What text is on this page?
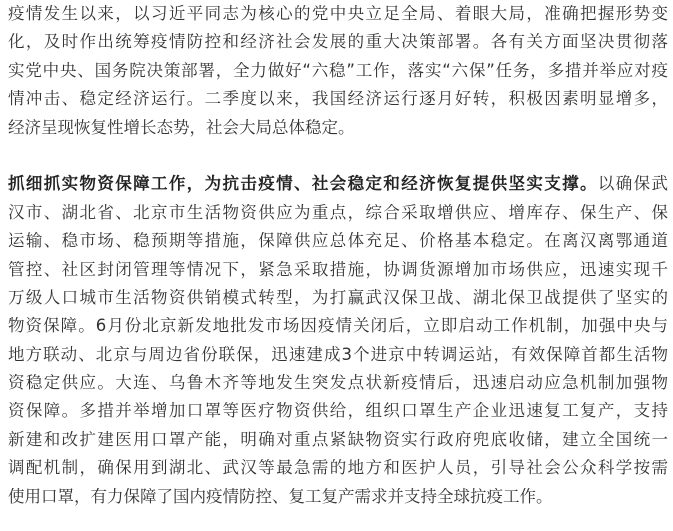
疫情发生以来，以习近平同志为核心的党中央立足全局、着眼大局，准确把握形势变
化，及时作出统筹疫情防控和经济社会发展的重大决策部署。各有关方面坚决贯彻落
实党中央、国务院决策部署，全力做好“六稳”工作，落实“六保”任务，多措并举应对疫
情冲击、稳定经济运行。二季度以来，我国经济运行逐月好转，积极因素明显增多，
经济呈现恢复性增长态势，社会大局总体稳定。
抓细抓实物资保障工作，为抗击疫情、社会稳定和经济恢复提供坚实支撑。以确保武
汉市、湖北省、北京市生活物资供应为重点，综合采取增供应、增库存、保生产、保
运输、稳市场、稳预期等措施，保障供应总体充足、价格基本稳定。在离汉离鄂通道
管控、社区封闭管理等情况下，紧急采取措施，协调货源增加市场供应，迅速实现千
万级人口城市生活物资供销模式转型，为打赢武汉保卫战、湖北保卫战提供了坚实的
物资保障。6月份北京新发地批发市场因疫情关闭后，立即启动工作机制，加强中央与
地方联动、北京与周边省份联保，迅速建成3个进京中转调运站，有效保障首都生活物
资稳定供应。大连、乌鲁木齐等地发生突发点状新疫情后，迅速启动应急机制加强物
资保障。多措并举增加口罩等医疗物资供给，组织口罩生产企业迅速复工复产，支持
新建和改扩建医用口罩产能，明确对重点紧缺物资实行政府兜底收储，建立全国统一
调配机制，确保用到湖北、武汉等最急需的地方和医护人员，引导社会公众科学按需
使用口罩，有力保障了国内疫情防控、复工复产需求并支持全球抗疫工作。
